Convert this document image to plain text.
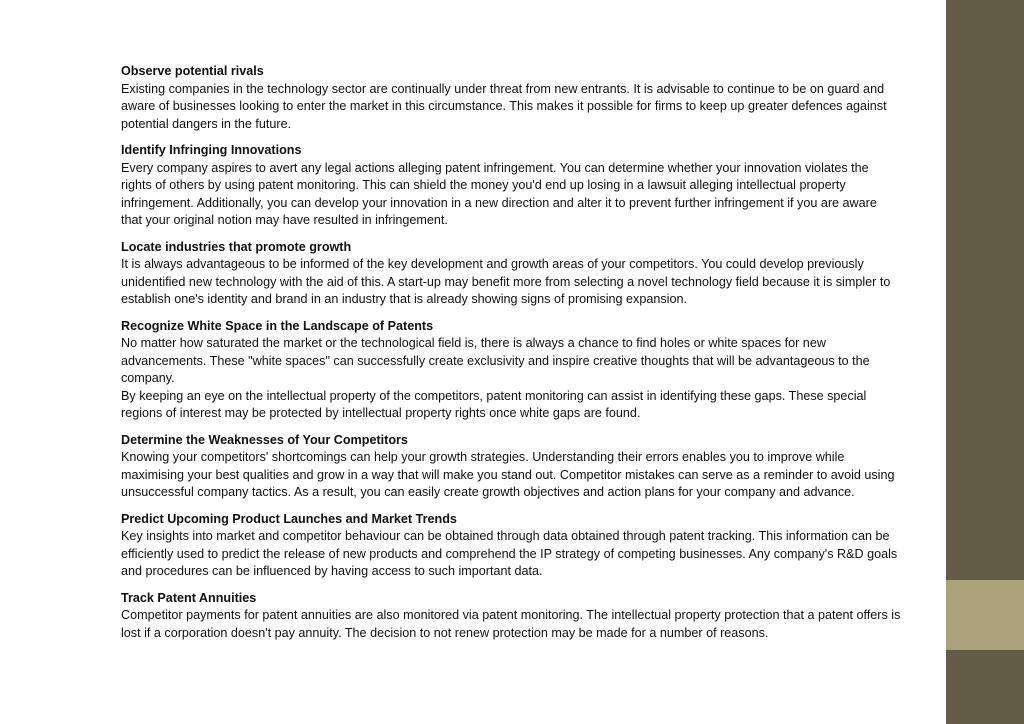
Observe potential rivals

Existing companies in the technology sector are continually under threat from new entrants. It is advisable to continue to be on guard and aware of businesses looking to enter the market in this circumstance. This makes it possible for firms to keep up greater defences against potential dangers in the future.

Identify Infringing Innovations

Every company aspires to avert any legal actions alleging patent infringement. You can determine whether your innovation violates the rights of others by using patent monitoring. This can shield the money you'd end up losing in a lawsuit alleging intellectual property infringement. Additionally, you can develop your innovation in a new direction and alter it to prevent further infringement if you are aware that your original notion may have resulted in infringement.

Locate industries that promote growth

It is always advantageous to be informed of the key development and growth areas of your competitors. You could develop previously unidentified new technology with the aid of this. A start-up may benefit more from selecting a novel technology field because it is simpler to establish one's identity and brand in an industry that is already showing signs of promising expansion.

Recognize White Space in the Landscape of Patents

No matter how saturated the market or the technological field is, there is always a chance to find holes or white spaces for new advancements. These "white spaces" can successfully create exclusivity and inspire creative thoughts that will be advantageous to the company.

By keeping an eye on the intellectual property of the competitors, patent monitoring can assist in identifying these gaps. These special regions of interest may be protected by intellectual property rights once white gaps are found.

Determine the Weaknesses of Your Competitors

Knowing your competitors' shortcomings can help your growth strategies. Understanding their errors enables you to improve while maximising your best qualities and grow in a way that will make you stand out. Competitor mistakes can serve as a reminder to avoid using unsuccessful company tactics. As a result, you can easily create growth objectives and action plans for your company and advance.

Predict Upcoming Product Launches and Market Trends

Key insights into market and competitor behaviour can be obtained through data obtained through patent tracking. This information can be efficiently used to predict the release of new products and comprehend the IP strategy of competing businesses. Any company's R&D goals and procedures can be influenced by having access to such important data.

Track Patent Annuities

Competitor payments for patent annuities are also monitored via patent monitoring. The intellectual property protection that a patent offers is lost if a corporation doesn't pay annuity. The decision to not renew protection may be made for a number of reasons.
